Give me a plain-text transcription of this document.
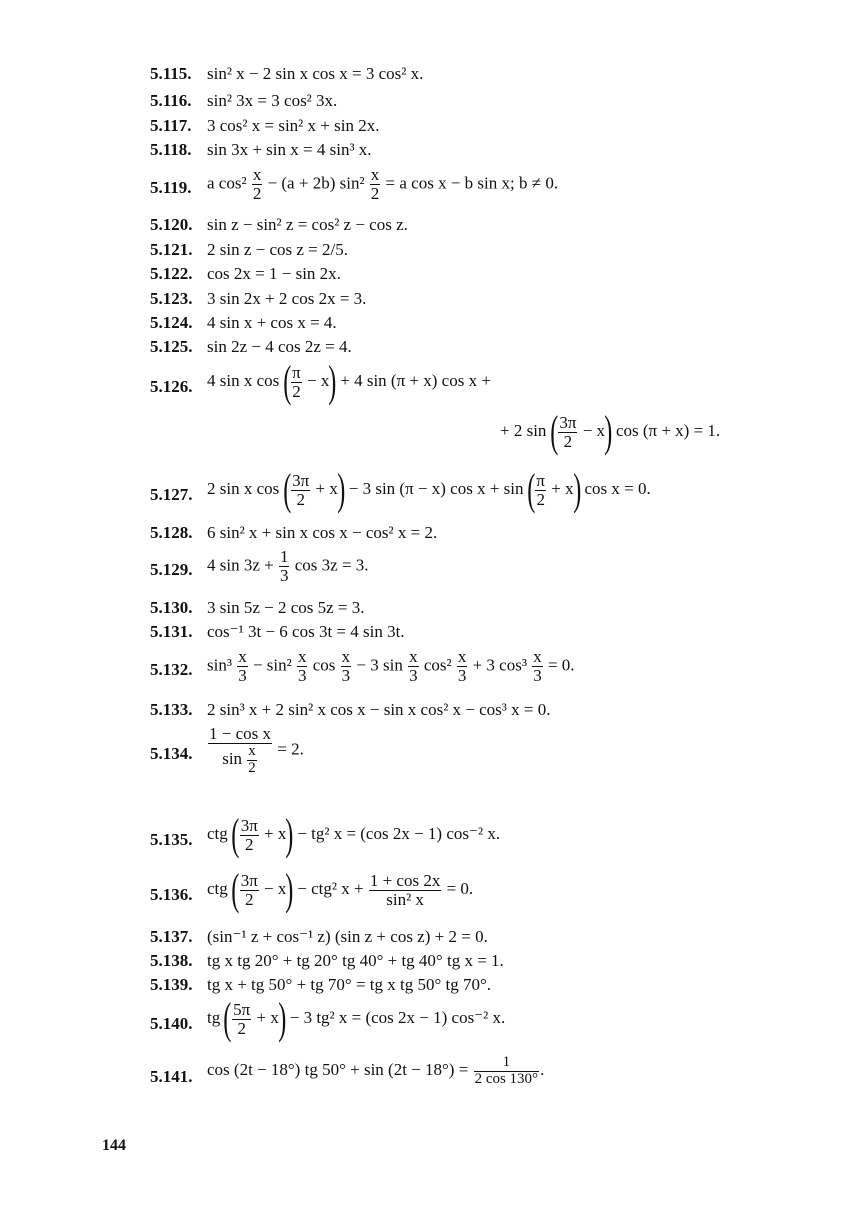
5.115. sin² x − 2 sin x cos x = 3 cos² x.
5.116. sin² 3x = 3 cos² 3x.
5.117. 3 cos² x = sin² x + sin 2x.
5.118. sin 3x + sin x = 4 sin³ x.
5.119. a $\cos^2 \frac{x}{2} - (a + 2b)$ $\sin^2 \frac{x}{2} = a$ cos x − b sin x; b ≠ 0.
5.120. sin z − sin² z = cos² z − cos z.
5.121. 2 sin z − cos z = 2/5.
5.122. cos 2x = 1 − sin 2x.
5.123. 3 sin 2x + 2 cos 2x = 3.
5.124. 4 sin x + cos x = 4.
5.125. sin 2z − 4 cos 2z = 4.
5.126. 4 sin x cos ( $\frac{\pi}{2} - x) + 4$ sin (π + x) cos x +
+ 2 sin ( $\frac{3\pi}{2} - x$) cos (π + x) = 1.
5.127. 2 sin x cos ( $\frac{3\pi}{2} + x) - 3$ sin (π − x) cos x + sin ( $\frac{\pi}{2} + x$) cos x = 0.
5.128. 6 sin² x + sin x cos x − cos² x = 2.
5.129. 4 $\sin 3z + \frac{1}{3}$ cos 3z = 3.
5.130. 3 sin 5z − 2 cos 5z = 3.
5.131. cos⁻¹ 3t − 6 cos 3t = 4 sin 3t.
5.132. $\sin^3 \frac{x}{3} - \sin^2 \frac{x}{3}$ $\cos \frac{x}{3} - 3$ $\sin \frac{x}{3} \cos^2 \frac{x}{3} + 3$ $\cos^3 \frac{x}{3} = 0$.
5.133. 2 sin³ x + 2 sin² x cos x − sin x cos² x − cos³ x = 0.
5.134. $\frac{\text{1 − cos x}}{\sin \frac{x}{2}} = 2$.
5.135. ctg ( $\frac{3\pi}{2} + x) - tg^2$ x = (cos 2x − 1) cos⁻² x.
5.136. ctg ( $\frac{3\pi}{2} - x) - ctg^2$ $x + \frac{1 + \cos 2x}{\text{sin² x}} = 0$.
5.137. (sin⁻¹ z + cos⁻¹ z) (sin z + cos z) + 2 = 0.
5.138. tg x tg 20° + tg 20° tg 40° + tg 40° tg x = 1.
5.139. tg x + tg 50° + tg 70° = tg x tg 50° tg 70°.
5.140. tg ( $\frac{5\pi}{2} + x) - 3$ tg² x = (cos 2x − 1) cos⁻² x.
5.141. cos (2t − 18°) tg $50^\circ + \sin (2t - 18^\circ) = \frac{1}{2 \cos 130^\circ}$ .
144
